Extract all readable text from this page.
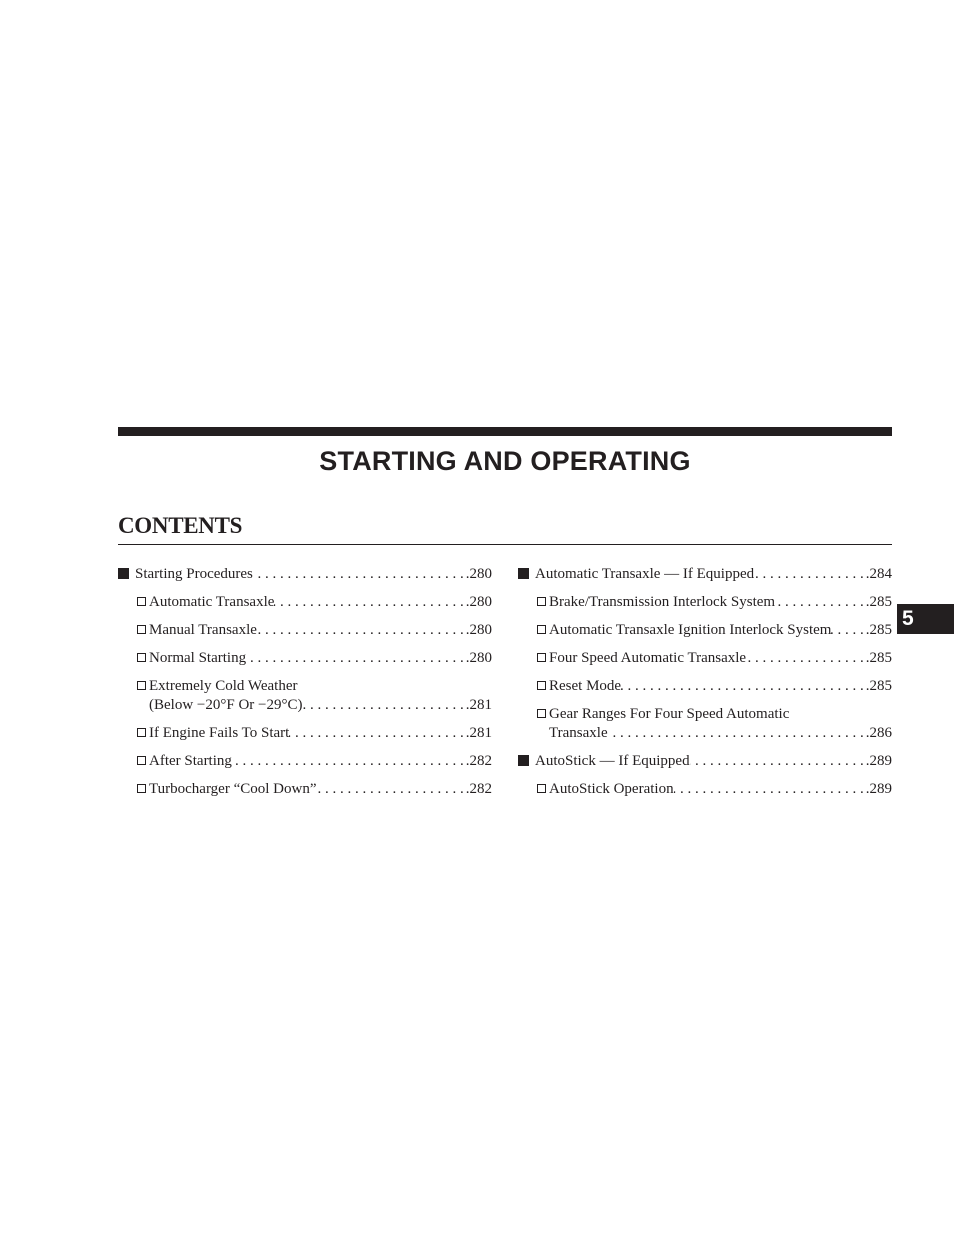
STARTING AND OPERATING
CONTENTS
Starting Procedures . . .	.280
Automatic Transaxle . . .	.280
Manual Transaxle . . .	.280
Normal Starting . . .	.280
Extremely Cold Weather
(Below −20°F Or −29°C) . . .	.281
If Engine Fails To Start . . .	.281
After Starting . . .	.282
Turbocharger “Cool Down” . . .	.282
Automatic Transaxle — If Equipped . . .	.284
Brake/Transmission Interlock System . . .	.285
Automatic Transaxle Ignition Interlock System . . . .285
Four Speed Automatic Transaxle . . .	.285
Reset Mode . . .	.285
Gear Ranges For Four Speed Automatic
Transaxle . . .	.286
AutoStick — If Equipped . . .	.289
AutoStick Operation . . .	.289
5
